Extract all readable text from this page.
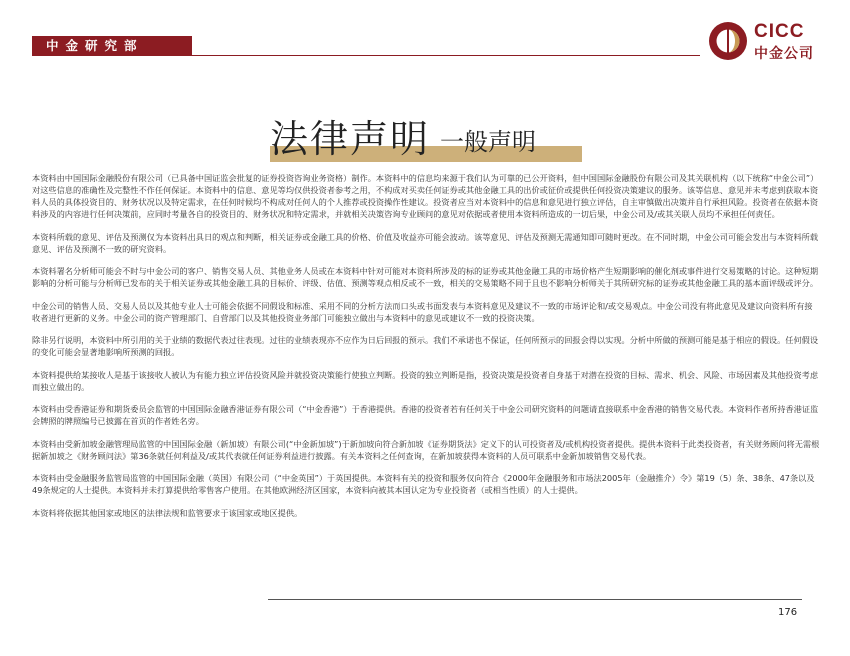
中金研究部
CICC
中金公司
法律声明 一般声明

本资料由中国国际金融股份有限公司（已具备中国证监会批复的证券投资咨询业务资格）制作。本资料中的信息均来源于我们认为可靠的已公开资料，但中国国际金融股份有限公司及其关联机构（以下统称“中金公司”）对这些信息的准确性及完整性不作任何保证。本资料中的信息、意见等均仅供投资者参考之用，不构成对买卖任何证券或其他金融工具的出价或征价或提供任何投资决策建议的服务。该等信息、意见并未考虑到获取本资料人员的具体投资目的、财务状况以及特定需求，在任何时候均不构成对任何人的个人推荐或投资操作性建议。投资者应当对本资料中的信息和意见进行独立评估，自主审慎做出决策并自行承担风险。投资者在依据本资料涉及的内容进行任何决策前，应同时考量各自的投资目的、财务状况和特定需求，并就相关决策咨询专业顾问的意见对依据或者使用本资料所造成的一切后果，中金公司及/或其关联人员均不承担任何责任。

本资料所载的意见、评估及预测仅为本资料出具日的观点和判断，相关证券或金融工具的价格、价值及收益亦可能会波动。该等意见、评估及预测无需通知即可随时更改。在不同时期，中金公司可能会发出与本资料所载意见、评估及预测不一致的研究资料。

本资料署名分析师可能会不时与中金公司的客户、销售交易人员、其他业务人员或在本资料中针对可能对本资料所涉及的标的证券或其他金融工具的市场价格产生短期影响的催化剂或事件进行交易策略的讨论。这种短期影响的分析可能与分析师已发布的关于相关证券或其他金融工具的目标价、评级、估值、预测等观点相反或不一致，相关的交易策略不同于且也不影响分析师关于其所研究标的证券或其他金融工具的基本面评级或评分。

中金公司的销售人员、交易人员以及其他专业人士可能会依据不同假设和标准、采用不同的分析方法而口头或书面发表与本资料意见及建议不一致的市场评论和/或交易观点。中金公司没有将此意见及建议向资料所有接收者进行更新的义务。中金公司的资产管理部门、自营部门以及其他投资业务部门可能独立做出与本资料中的意见或建议不一致的投资决策。

除非另行说明，本资料中所引用的关于业绩的数据代表过往表现。过往的业绩表现亦不应作为日后回报的预示。我们不承诺也不保证，任何所预示的回报会得以实现。分析中所做的预测可能是基于相应的假设。任何假设的变化可能会显著地影响所预测的回报。

本资料提供给某接收人是基于该接收人被认为有能力独立评估投资风险并就投资决策能行使独立判断。投资的独立判断是指，投资决策是投资者自身基于对潜在投资的目标、需求、机会、风险、市场因素及其他投资考虑而独立做出的。

本资料由受香港证券和期货委员会监管的中国国际金融香港证券有限公司（“中金香港”）于香港提供。香港的投资者若有任何关于中金公司研究资料的问题请直接联系中金香港的销售交易代表。本资料作者所持香港证监会牌照的牌照编号已披露在首页的作者姓名旁。

本资料由受新加坡金融管理局监管的中国国际金融（新加坡）有限公司(“中金新加坡”)于新加坡向符合新加坡《证券期货法》定义下的认可投资者及/或机构投资者提供。提供本资料于此类投资者，有关财务顾问将无需根据新加坡之《财务顾问法》第36条就任何利益及/或其代表就任何证券利益进行披露。有关本资料之任何查询，在新加坡获得本资料的人员可联系中金新加坡销售交易代表。

本资料由受金融服务监管局监管的中国国际金融（英国）有限公司（“中金英国”）于英国提供。本资料有关的投资和服务仅向符合《2000年金融服务和市场法2005年（金融推介）令》第19（5）条、38条、47条以及49条规定的人士提供。本资料并未打算提供给零售客户使用。在其他欧洲经济区国家，本资料向被其本国认定为专业投资者（或相当性质）的人士提供。

本资料将依据其他国家或地区的法律法规和监管要求于该国家或地区提供。

176
